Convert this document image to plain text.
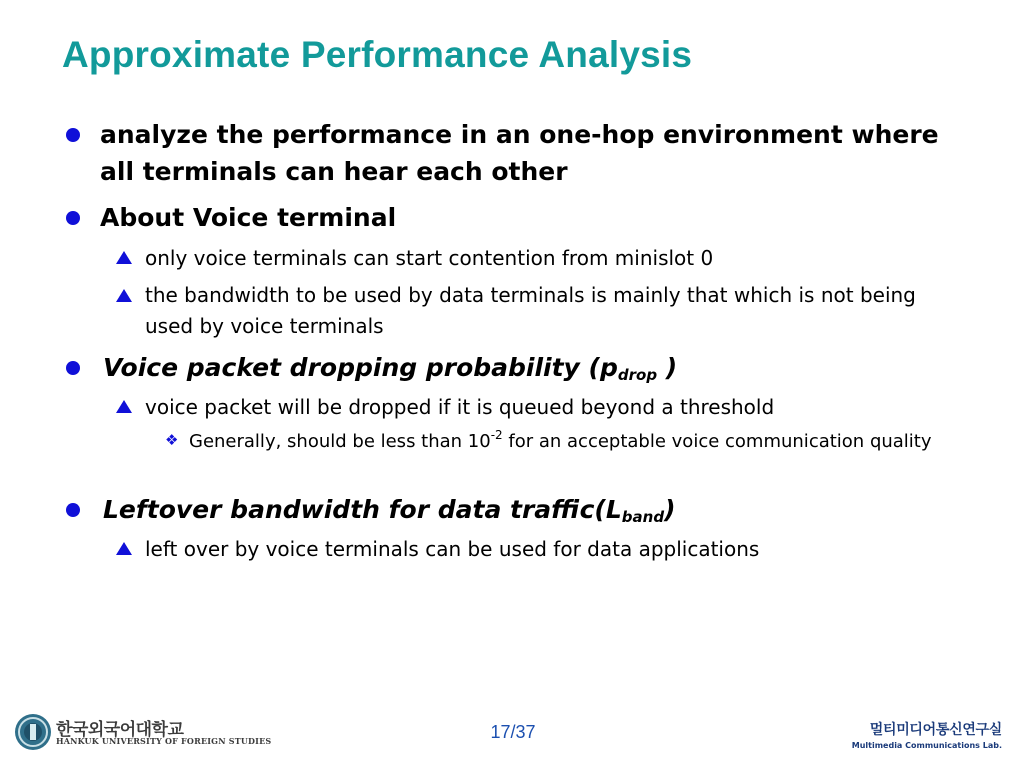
Approximate Performance Analysis
analyze the performance in an one-hop environment where all terminals can hear each other
About Voice terminal
only voice terminals can start contention from minislot 0
the bandwidth to be used by data terminals is mainly that which is not being used by voice terminals
Voice packet dropping probability ($p_{drop}$ )
voice packet will be dropped if it is queued beyond a threshold
❖ Generally, should be less than $10^{-2}$ for an acceptable voice communication quality
Leftover bandwidth for data $traffic(L_{band})$
left over by voice terminals can be used for data applications
한국외국어대학교
HANKUK UNIVERSITY OF FOREIGN STUDIES	17/37	멀티미디어통신연구실
Multimedia Communications Lab.
